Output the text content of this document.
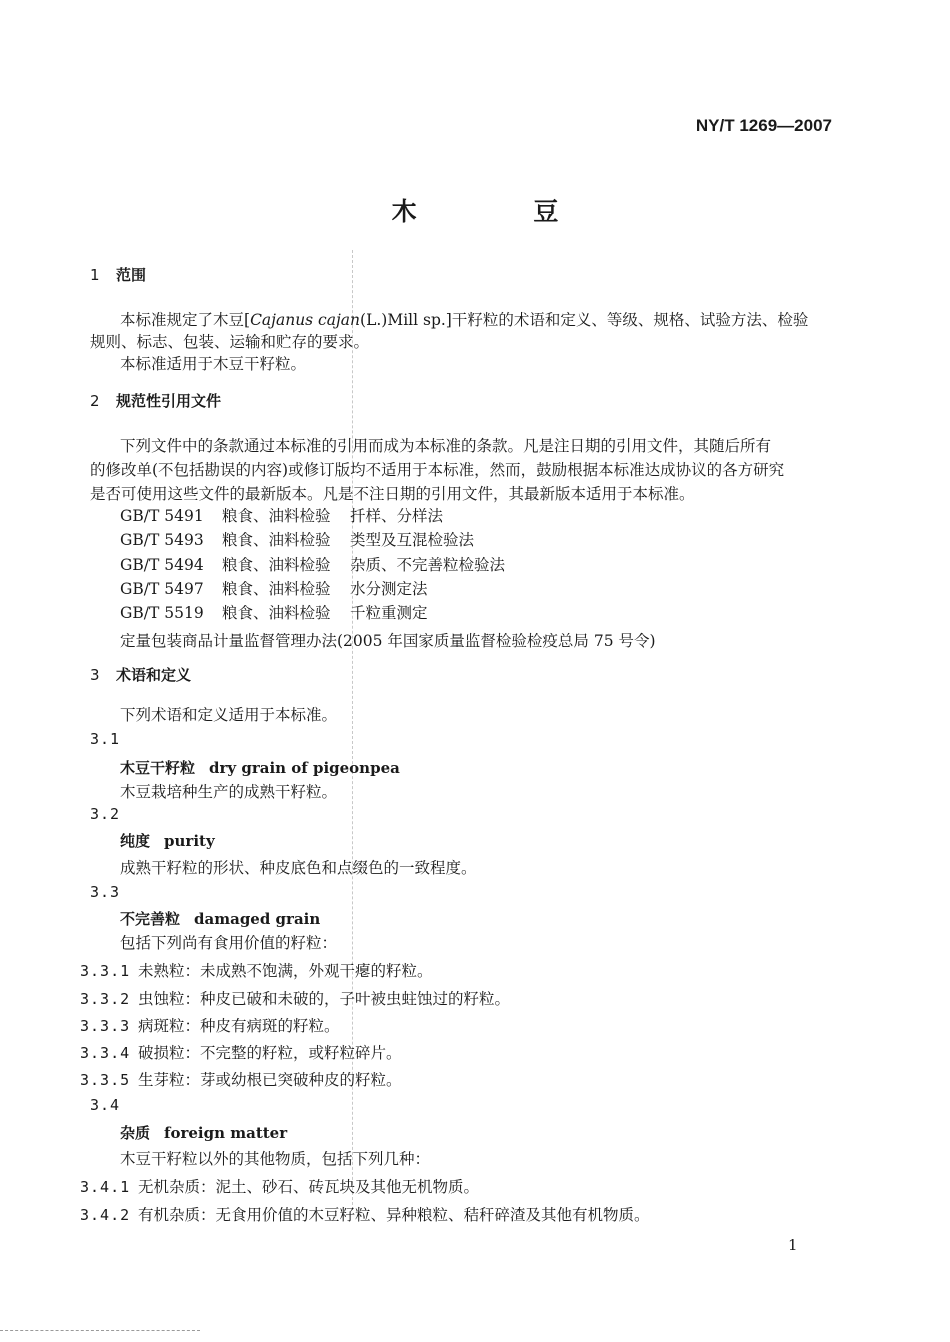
NY/T 1269—2007
木 豆
1 范围
本标准规定了木豆[Cajanus cajan(L.)Mill sp.]干籽粒的术语和定义、等级、规格、试验方法、检验
规则、标志、包装、运输和贮存的要求。
本标准适用于木豆干籽粒。
2 规范性引用文件
下列文件中的条款通过本标准的引用而成为本标准的条款。凡是注日期的引用文件，其随后所有
的修改单(不包括勘误的内容)或修订版均不适用于本标准，然而，鼓励根据本标准达成协议的各方研究
是否可使用这些文件的最新版本。凡是不注日期的引用文件，其最新版本适用于本标准。
GB/T 5491 粮食、油料检验 扦样、分样法
GB/T 5493 粮食、油料检验 类型及互混检验法
GB/T 5494 粮食、油料检验 杂质、不完善粒检验法
GB/T 5497 粮食、油料检验 水分测定法
GB/T 5519 粮食、油料检验 千粒重测定
定量包装商品计量监督管理办法(2005 年国家质量监督检验检疫总局 75 号令)
3 术语和定义
下列术语和定义适用于本标准。
3.1
木豆干籽粒 dry grain of pigeonpea
木豆栽培种生产的成熟干籽粒。
3.2
纯度 purity
成熟干籽粒的形状、种皮底色和点缀色的一致程度。
3.3
不完善粒 damaged grain
包括下列尚有食用价值的籽粒：
3.3.1 未熟粒：未成熟不饱满，外观干瘪的籽粒。
3.3.2 虫蚀粒：种皮已破和未破的，子叶被虫蛀蚀过的籽粒。
3.3.3 病斑粒：种皮有病斑的籽粒。
3.3.4 破损粒：不完整的籽粒，或籽粒碎片。
3.3.5 生芽粒：芽或幼根已突破种皮的籽粒。
3.4
杂质 foreign matter
木豆干籽粒以外的其他物质，包括下列几种：
3.4.1 无机杂质：泥土、砂石、砖瓦块及其他无机物质。
3.4.2 有机杂质：无食用价值的木豆籽粒、异种粮粒、秸秆碎渣及其他有机物质。
1
